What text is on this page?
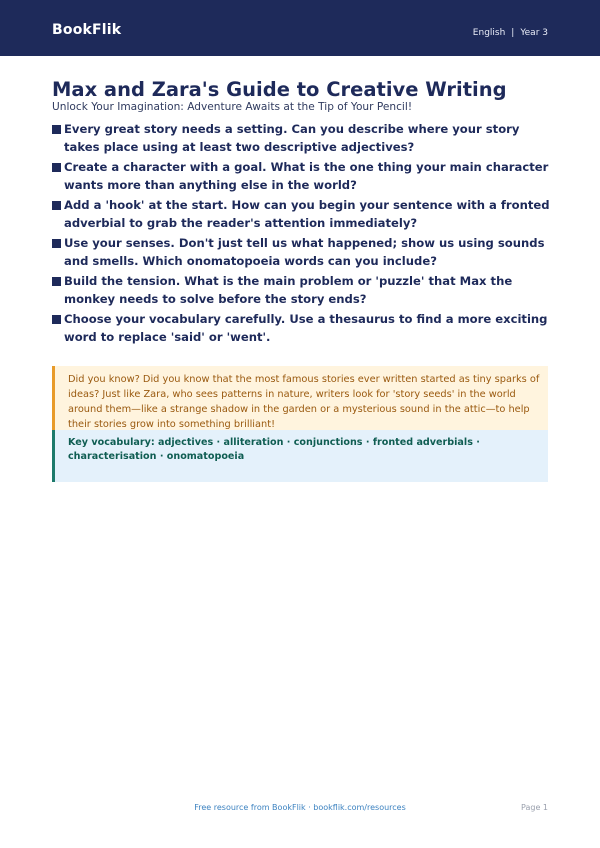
BookFlik	English | Year 3
Max and Zara's Guide to Creative Writing
Unlock Your Imagination: Adventure Awaits at the Tip of Your Pencil!
Every great story needs a setting. Can you describe where your story takes place using at least two descriptive adjectives?
Create a character with a goal. What is the one thing your main character wants more than anything else in the world?
Add a 'hook' at the start. How can you begin your sentence with a fronted adverbial to grab the reader's attention immediately?
Use your senses. Don't just tell us what happened; show us using sounds and smells. Which onomatopoeia words can you include?
Build the tension. What is the main problem or 'puzzle' that Max the monkey needs to solve before the story ends?
Choose your vocabulary carefully. Use a thesaurus to find a more exciting word to replace 'said' or 'went'.
Did you know? Did you know that the most famous stories ever written started as tiny sparks of ideas? Just like Zara, who sees patterns in nature, writers look for 'story seeds' in the world around them—like a strange shadow in the garden or a mysterious sound in the attic—to help their stories grow into something brilliant!
Key vocabulary: adjectives · alliteration · conjunctions · fronted adverbials · characterisation · onomatopoeia
Free resource from BookFlik · bookflik.com/resources	Page 1
